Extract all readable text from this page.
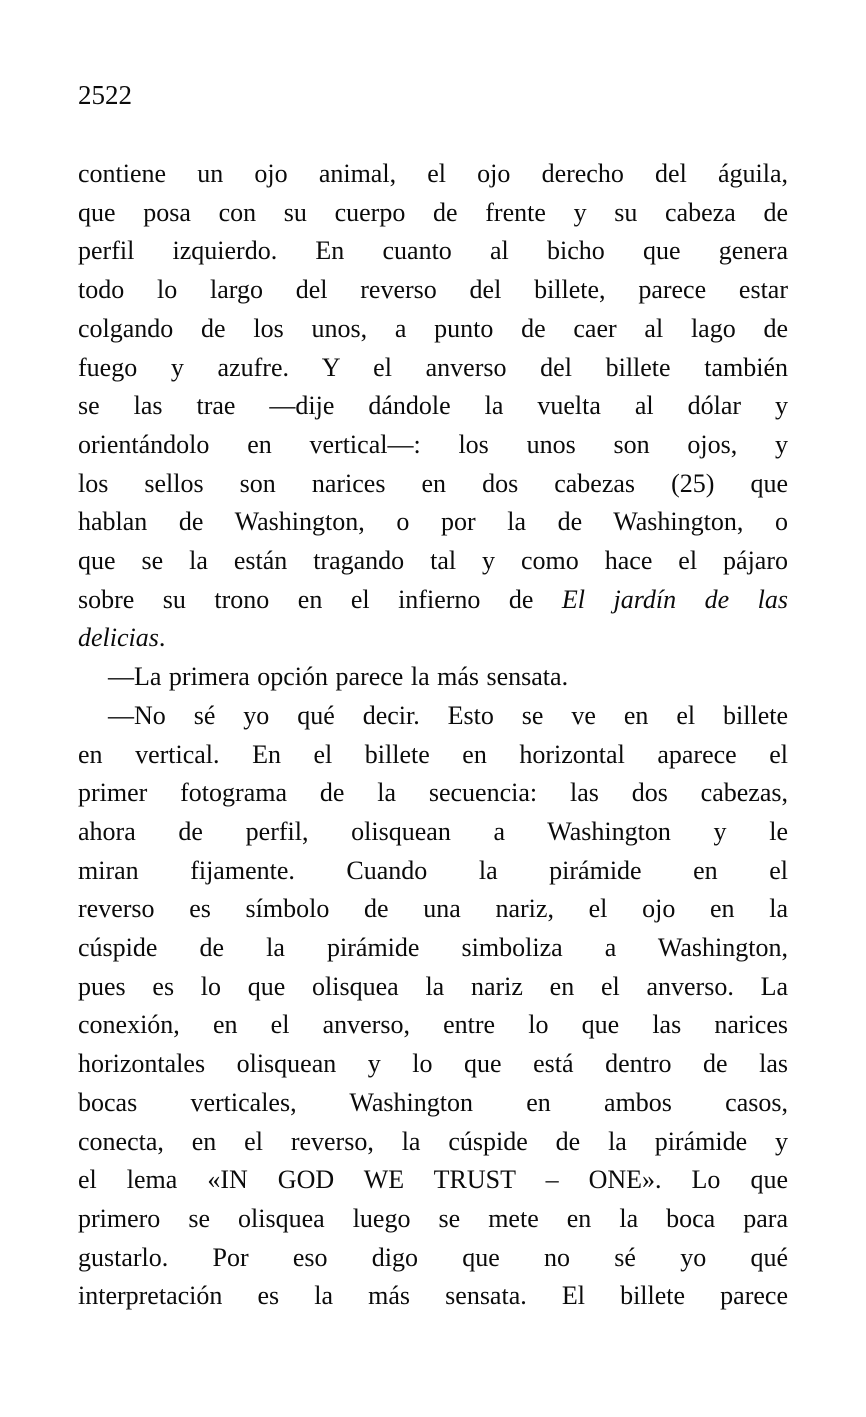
2522

contiene un ojo animal, el ojo derecho del águila,
que posa con su cuerpo de frente y su cabeza de
perfil izquierdo. En cuanto al bicho que genera
todo lo largo del reverso del billete, parece estar
colgando de los unos, a punto de caer al lago de
fuego y azufre. Y el anverso del billete también
se las trae —dije dándole la vuelta al dólar y
orientándolo en vertical—: los unos son ojos, y
los sellos son narices en dos cabezas (25) que
hablan de Washington, o por la de Washington, o
que se la están tragando tal y como hace el pájaro
sobre su trono en el infierno de El jardín de las
delicias.

—La primera opción parece la más sensata.

—No sé yo qué decir. Esto se ve en el billete
en vertical. En el billete en horizontal aparece el
primer fotograma de la secuencia: las dos cabezas,
ahora de perfil, olisquean a Washington y le
miran fijamente. Cuando la pirámide en el
reverso es símbolo de una nariz, el ojo en la
cúspide de la pirámide simboliza a Washington,
pues es lo que olisquea la nariz en el anverso. La
conexión, en el anverso, entre lo que las narices
horizontales olisquean y lo que está dentro de las
bocas verticales, Washington en ambos casos,
conecta, en el reverso, la cúspide de la pirámide y
el lema «IN GOD WE TRUST – ONE». Lo que
primero se olisquea luego se mete en la boca para
gustarlo. Por eso digo que no sé yo qué
interpretación es la más sensata. El billete parece
